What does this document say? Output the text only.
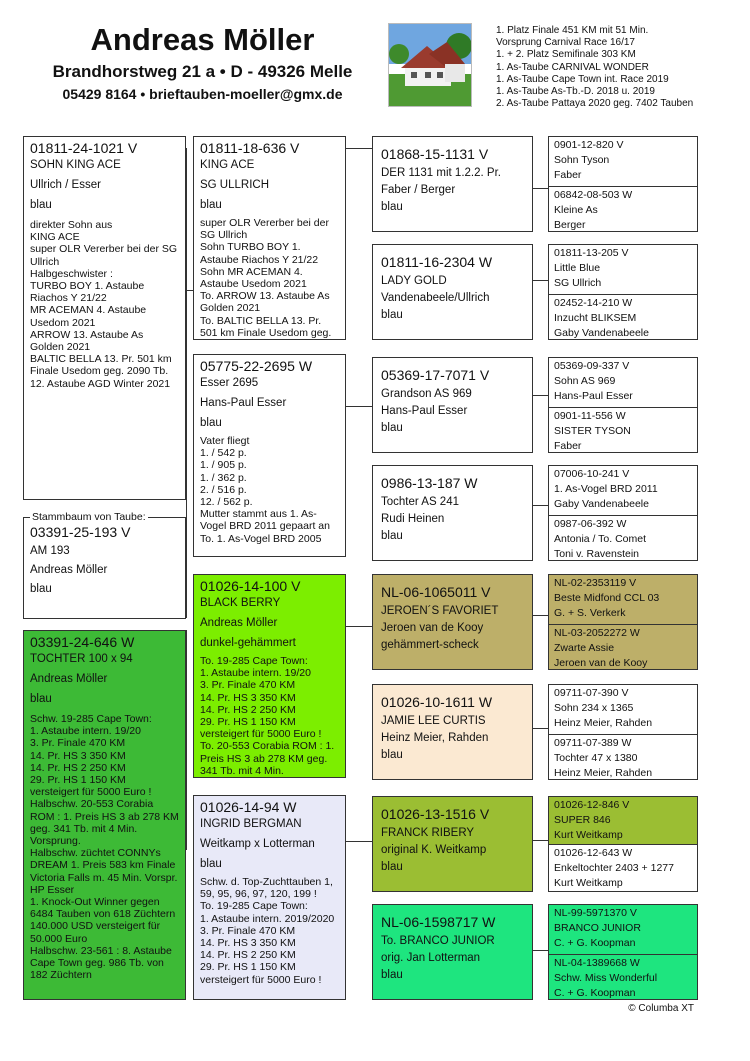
Andreas Möller
Brandhorstweg 21 a • D - 49326 Melle
05429 8164 • brieftauben-moeller@gmx.de
1. Platz Finale 451 KM mit 51 Min.
Vorsprung Carnival Race 16/17
1. + 2. Platz Semifinale 303 KM
1. As-Taube CARNIVAL WONDER
1. As-Taube Cape Town int. Race 2019
1. As-Taube As-Tb.-D. 2018 u. 2019
2. As-Taube Pattaya 2020 geg. 7402 Tauben
01811-24-1021 V
SOHN KING ACE
Ullrich / Esser
blau
direkter Sohn aus
KING ACE
super OLR Vererber bei der SG Ullrich
Halbgeschwister :
TURBO BOY 1. Astaube Riachos Y 21/22
MR ACEMAN 4. Astaube Usedom 2021
ARROW 13. Astaube As Golden 2021
BALTIC BELLA 13. Pr. 501 km Finale Usedom geg. 2090 Tb.
12. Astaube AGD Winter 2021
03391-25-193 V
AM 193
Andreas Möller
blau
Stammbaum von Taube:
03391-24-646 W
TOCHTER 100 x 94
Andreas Möller
blau
Schw. 19-285 Cape Town:
1. Astaube intern. 19/20
3. Pr. Finale 470 KM
14. Pr. HS 3 350 KM
14. Pr. HS 2 250 KM
29. Pr. HS 1 150 KM
versteigert für 5000 Euro !
Halbschw. 20-553 Corabia ROM : 1. Preis HS 3 ab 278 KM geg. 341 Tb. mit 4 Min. Vorsprung.
Halbschw. züchtet CONNYs DREAM 1. Preis 583 km Finale Victoria Falls m. 45 Min. Vorspr. HP Esser
1. Knock-Out Winner gegen 6484 Tauben von 618 Züchtern 140.000 USD versteigert für 50.000 Euro
Halbschw. 23-561 : 8. Astaube Cape Town geg. 986 Tb. von 182 Züchtern
01811-18-636 V
KING ACE
SG ULLRICH
blau
super OLR Vererber bei der SG Ullrich
Sohn TURBO BOY 1. Astaube Riachos Y 21/22
Sohn MR ACEMAN 4. Astaube Usedom 2021
To. ARROW 13. Astaube As Golden 2021
To. BALTIC BELLA 13. Pr. 501 km Finale Usedom geg.
05775-22-2695 W
Esser 2695
Hans-Paul Esser
blau
Vater fliegt
1. / 542 p.
1. / 905 p.
1. / 362 p.
2. / 516 p.
12. / 562 p.
Mutter stammt aus 1. As-Vogel BRD 2011 gepaart an To. 1. As-Vogel BRD 2005
01026-14-100 V
BLACK BERRY
Andreas Möller
dunkel-gehämmert
To. 19-285 Cape Town:
1. Astaube intern. 19/20
3. Pr. Finale 470 KM
14. Pr. HS 3 350 KM
14. Pr. HS 2 250 KM
29. Pr. HS 1 150 KM
versteigert für 5000 Euro !
To. 20-553 Corabia ROM : 1. Preis HS 3 ab 278 KM geg. 341 Tb. mit 4 Min.
01026-14-94 W
INGRID BERGMAN
Weitkamp x Lotterman
blau
Schw. d. Top-Zuchttauben 1, 59, 95, 96, 97, 120, 199 !
To. 19-285 Cape Town:
1. Astaube intern. 2019/2020
3. Pr. Finale 470 KM
14. Pr. HS 3 350 KM
14. Pr. HS 2 250 KM
29. Pr. HS 1 150 KM
versteigert für 5000 Euro !
01868-15-1131 V
DER 1131 mit 1.2.2. Pr.
Faber / Berger
blau
01811-16-2304 W
LADY GOLD
Vandenabeele/Ullrich
blau
05369-17-7071 V
Grandson AS 969
Hans-Paul Esser
blau
0986-13-187 W
Tochter AS 241
Rudi Heinen
blau
NL-06-1065011 V
JEROEN´S FAVORIET
Jeroen van de Kooy
gehämmert-scheck
01026-10-1611 W
JAMIE LEE CURTIS
Heinz Meier, Rahden
blau
01026-13-1516 V
FRANCK RIBERY
original K. Weitkamp
blau
NL-06-1598717 W
To. BRANCO JUNIOR
orig. Jan Lotterman
blau
0901-12-820 V
Sohn Tyson
Faber
06842-08-503 W
Kleine As
Berger
01811-13-205 V
Little Blue
SG Ullrich
02452-14-210 W
Inzucht BLIKSEM
Gaby Vandenabeele
05369-09-337 V
Sohn AS 969
Hans-Paul Esser
0901-11-556 W
SISTER TYSON
Faber
07006-10-241 V
1. As-Vogel BRD 2011
Gaby Vandenabeele
0987-06-392 W
Antonia / To. Comet
Toni v. Ravenstein
NL-02-2353119 V
Beste Midfond CCL 03
G. + S. Verkerk
NL-03-2052272 W
Zwarte Assie
Jeroen van de Kooy
09711-07-390 V
Sohn 234 x 1365
Heinz Meier, Rahden
09711-07-389 W
Tochter 47 x 1380
Heinz Meier, Rahden
01026-12-846 V
SUPER 846
Kurt Weitkamp
01026-12-643 W
Enkeltochter 2403 + 1277
Kurt Weitkamp
NL-99-5971370 V
BRANCO JUNIOR
C. + G. Koopman
NL-04-1389668 W
Schw. Miss Wonderful
C. + G. Koopman
© Columba XT
